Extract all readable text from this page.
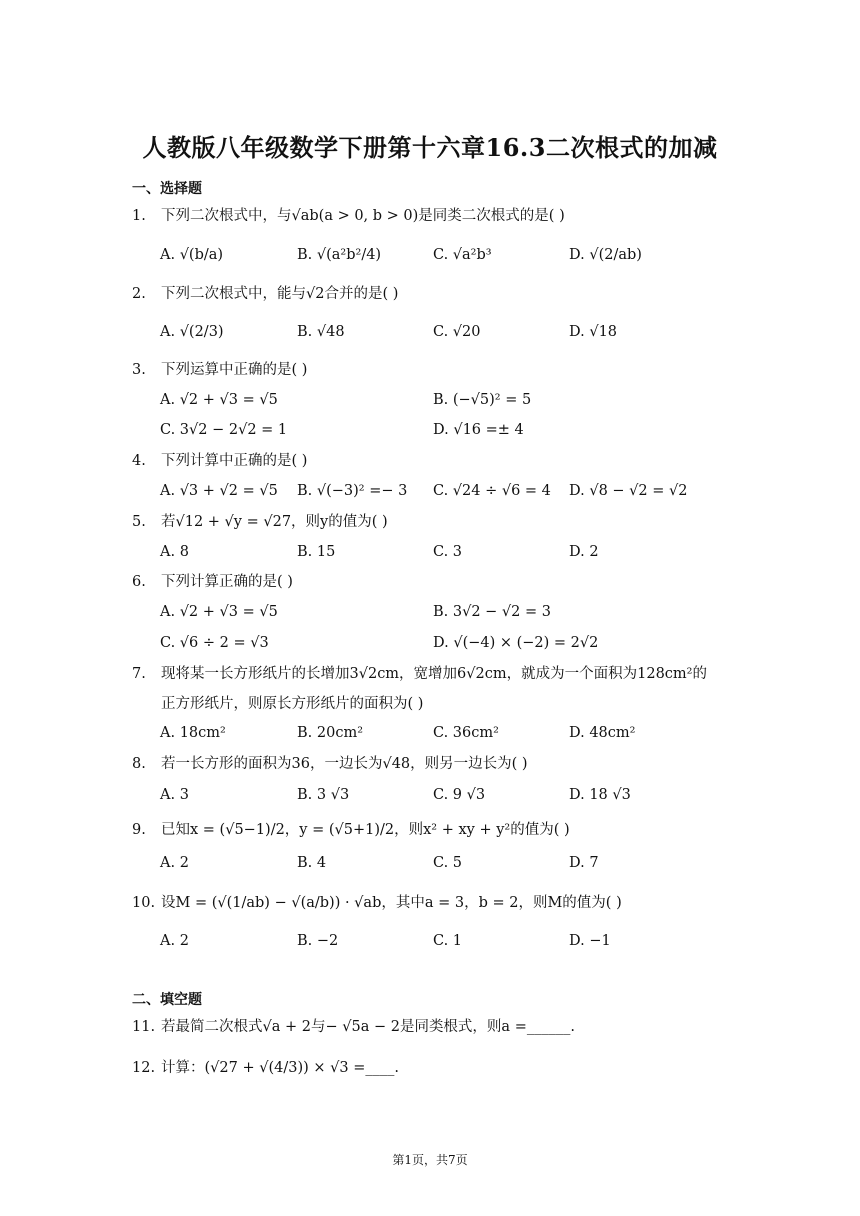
人教版八年级数学下册第十六章16.3二次根式的加减
一、选择题
1.	下列二次根式中，与√ab(a > 0, b > 0)是同类二次根式的是( )
A. √(b/a)	B. √(a²b²/4)	C. √a²b³	D. √(2/ab)
2.	下列二次根式中，能与√2合并的是( )
A. √(2/3)	B. √48	C. √20	D. √18
3.	下列运算中正确的是( )
A. √2 + √3 = √5	B. (−√5)² = 5
C. 3√2 − 2√2 = 1	D. √16 =± 4
4.	下列计算中正确的是( )
A. √3 + √2 = √5 B. √(−3)² =− 3 C. √24 ÷ √6 = 4 D. √8 − √2 = √2
5.	若√12 + √y = √27，则y的值为( )
A. 8	B. 15	C. 3	D. 2
6.	下列计算正确的是( )
A. √2 + √3 = √5	B. 3√2 − √2 = 3
C. √6 ÷ 2 = √3	D. √(−4) × (−2) = 2√2
7.	现将某一长方形纸片的长增加3√2cm，宽增加6√2cm，就成为一个面积为128cm²的
正方形纸片，则原长方形纸片的面积为( )
A. 18cm²	B. 20cm²	C. 36cm²	D. 48cm²
8.	若一长方形的面积为36，一边长为√48，则另一边长为( )
A. 3	B. 3 √3	C. 9 √3	D. 18 √3
9.	已知x = (√5−1)/2，y = (√5+1)/2，则x² + xy + y²的值为( )
A. 2	B. 4	C. 5	D. 7
10. 设M = (√(1/ab) − √(a/b)) · √ab，其中a = 3，b = 2，则M的值为( )
A. 2	B. −2	C. 1	D. −1
二、填空题
11. 若最简二次根式√a + 2与− √5a − 2是同类根式，则a =______.
12. 计算：(√27 + √(4/3)) × √3 =____.
第1页，共7页
